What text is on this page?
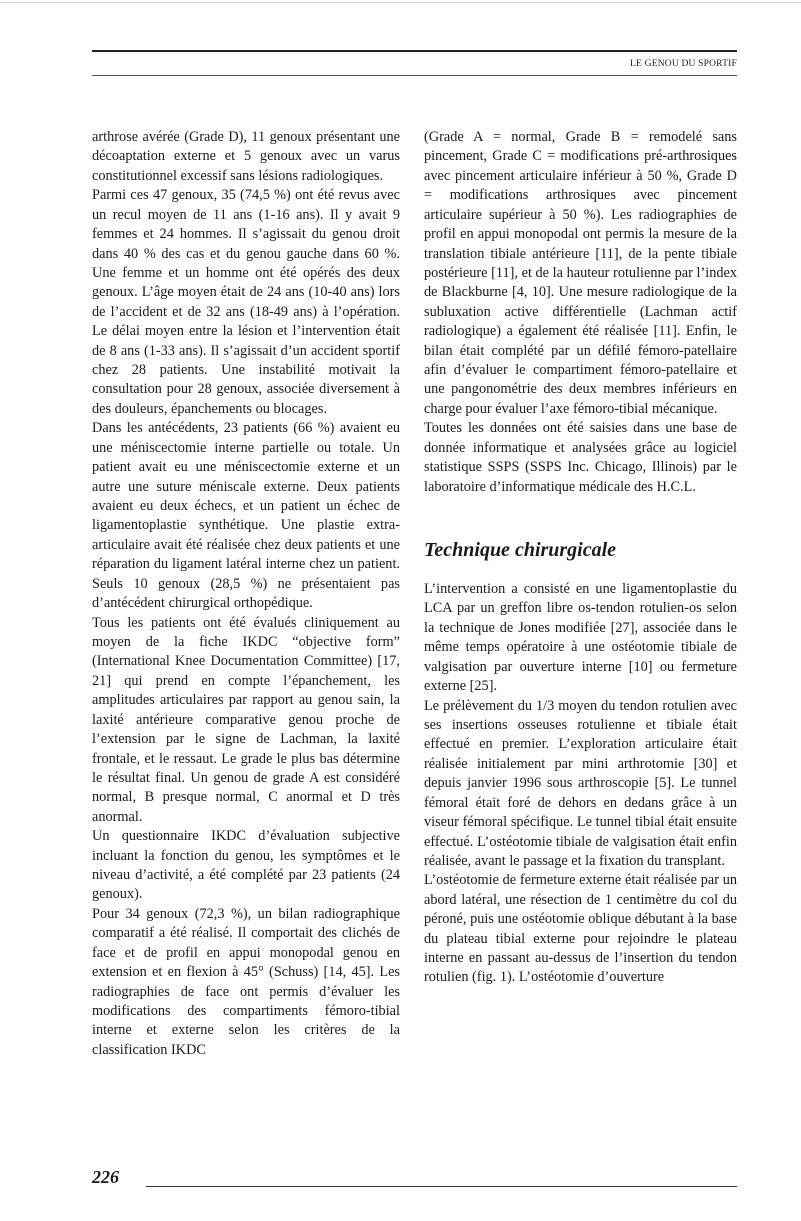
LE GENOU DU SPORTIF

arthrose avérée (Grade D), 11 genoux présentant une décoaptation externe et 5 genoux avec un varus constitutionnel excessif sans lésions radiologiques.

Parmi ces 47 genoux, 35 (74,5 %) ont été revus avec un recul moyen de 11 ans (1-16 ans). Il y avait 9 femmes et 24 hommes. Il s’agissait du genou droit dans 40 % des cas et du genou gauche dans 60 %. Une femme et un homme ont été opérés des deux genoux. L’âge moyen était de 24 ans (10-40 ans) lors de l’accident et de 32 ans (18-49 ans) à l’opération. Le délai moyen entre la lésion et l’intervention était de 8 ans (1-33 ans). Il s’agissait d’un accident sportif chez 28 patients. Une instabilité motivait la consultation pour 28 genoux, associée diversement à des douleurs, épanchements ou blocages.

Dans les antécédents, 23 patients (66 %) avaient eu une méniscectomie interne partielle ou totale. Un patient avait eu une méniscectomie externe et un autre une suture méniscale externe. Deux patients avaient eu deux échecs, et un patient un échec de ligamentoplastie synthétique. Une plastie extra-articulaire avait été réalisée chez deux patients et une réparation du ligament latéral interne chez un patient. Seuls 10 genoux (28,5 %) ne présentaient pas d’antécédent chirurgical orthopédique.

Tous les patients ont été évalués cliniquement au moyen de la fiche IKDC “objective form” (International Knee Documentation Committee) [17, 21] qui prend en compte l’épanchement, les amplitudes articulaires par rapport au genou sain, la laxité antérieure comparative genou proche de l’extension par le signe de Lachman, la laxité frontale, et le ressaut. Le grade le plus bas détermine le résultat final. Un genou de grade A est considéré normal, B presque normal, C anormal et D très anormal.

Un questionnaire IKDC d’évaluation subjective incluant la fonction du genou, les symptômes et le niveau d’activité, a été complété par 23 patients (24 genoux).

Pour 34 genoux (72,3 %), un bilan radiographique comparatif a été réalisé. Il comportait des clichés de face et de profil en appui monopodal genou en extension et en flexion à 45° (Schuss) [14, 45]. Les radiographies de face ont permis d’évaluer les modifications des compartiments fémoro-tibial interne et externe selon les critères de la classification IKDC

(Grade A = normal, Grade B = remodelé sans pincement, Grade C = modifications pré-arthrosiques avec pincement articulaire inférieur à 50 %, Grade D = modifications arthrosiques avec pincement articulaire supérieur à 50 %). Les radiographies de profil en appui monopodal ont permis la mesure de la translation tibiale antérieure [11], de la pente tibiale postérieure [11], et de la hauteur rotulienne par l’index de Blackburne [4, 10]. Une mesure radiologique de la subluxation active différentielle (Lachman actif radiologique) a également été réalisée [11]. Enfin, le bilan était complété par un défilé fémoro-patellaire afin d’évaluer le compartiment fémoro-patellaire et une pangonométrie des deux membres inférieurs en charge pour évaluer l’axe fémoro-tibial mécanique.

Toutes les données ont été saisies dans une base de donnée informatique et analysées grâce au logiciel statistique SSPS (SSPS Inc. Chicago, Illinois) par le laboratoire d’informatique médicale des H.C.L.

Technique chirurgicale

L’intervention a consisté en une ligamentoplastie du LCA par un greffon libre os-tendon rotulien-os selon la technique de Jones modifiée [27], associée dans le même temps opératoire à une ostéotomie tibiale de valgisation par ouverture interne [10] ou fermeture externe [25].

Le prélèvement du 1/3 moyen du tendon rotulien avec ses insertions osseuses rotulienne et tibiale était effectué en premier. L’exploration articulaire était réalisée initialement par mini arthrotomie [30] et depuis janvier 1996 sous arthroscopie [5]. Le tunnel fémoral était foré de dehors en dedans grâce à un viseur fémoral spécifique. Le tunnel tibial était ensuite effectué. L’ostéotomie tibiale de valgisation était enfin réalisée, avant le passage et la fixation du transplant.

L’ostéotomie de fermeture externe était réalisée par un abord latéral, une résection de 1 centimètre du col du péroné, puis une ostéotomie oblique débutant à la base du plateau tibial externe pour rejoindre le plateau interne en passant au-dessus de l’insertion du tendon rotulien (fig. 1). L’ostéotomie d’ouverture

226
